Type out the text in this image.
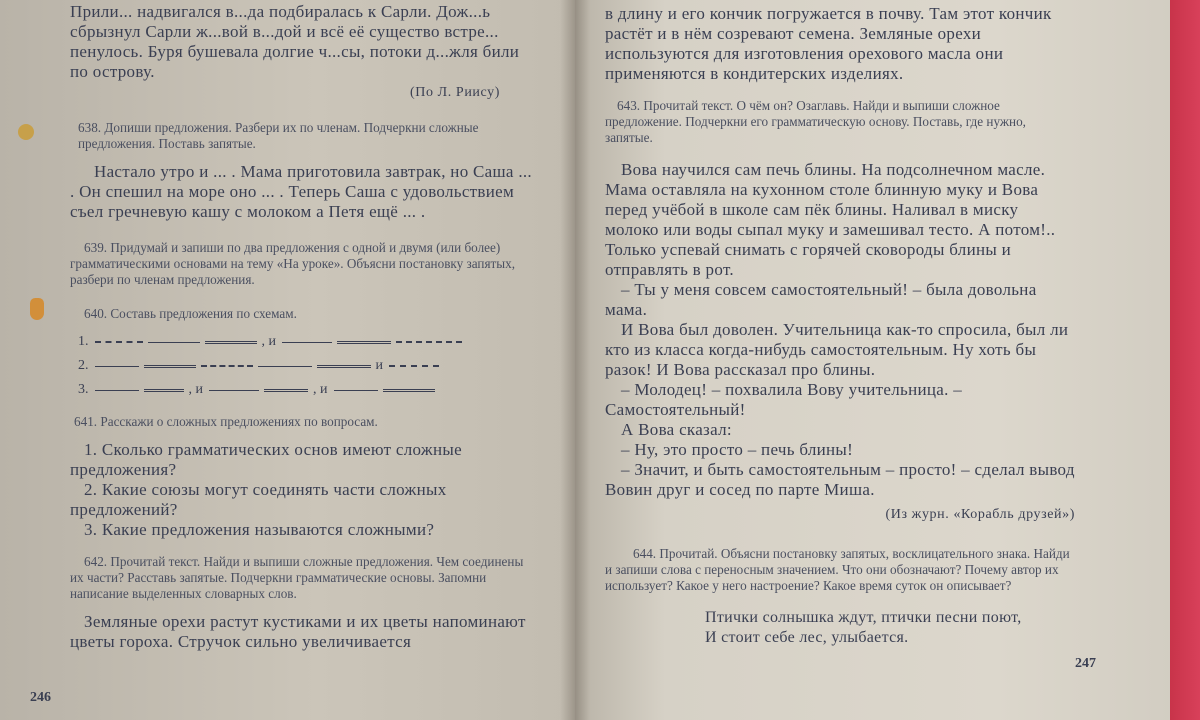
Прили... надвигался в...да подбиралась к Сарли. Дож...ь сбрызнул Сарли ж...вой в...дой и всё её существо встре... пенулось. Буря бушевала долгие ч...сы, потоки д...жля били по острову.

(По Л. Риису)

638. Допиши предложения. Разбери их по членам. Подчеркни сложные предложения. Поставь запятые.

Настало утро и ... . Мама приготовила завтрак, но Саша ... . Он спешил на море оно ... . Теперь Саша с удовольствием съел гречневую кашу с молоком а Петя ещё ... .

639. Придумай и запиши по два предложения с одной и двумя (или более) грамматическими основами на тему «На уроке». Объясни постановку запятых, разбери по членам предложения.

640. Составь предложения по схемам.

1.	, и
2.	и
3.	, и	, и

641. Расскажи о сложных предложениях по вопросам.

1. Сколько грамматических основ имеют сложные предложения?
2. Какие союзы могут соединять части сложных предложений?
3. Какие предложения называются сложными?

642. Прочитай текст. Найди и выпиши сложные предложения. Чем соединены их части? Расставь запятые. Подчеркни грамматические основы. Запомни написание выделенных словарных слов.

Земляные орехи растут кустиками и их цветы напоминают цветы гороха. Стручок сильно увеличивается

246

в длину и его кончик погружается в почву. Там этот кончик растёт и в нём созревают семена. Земляные орехи используются для изготовления орехового масла они применяются в кондитерских изделиях.

643. Прочитай текст. О чём он? Озаглавь. Найди и выпиши сложное предложение. Подчеркни его грамматическую основу. Поставь, где нужно, запятые.

Вова научился сам печь блины. На подсолнечном масле. Мама оставляла на кухонном столе блинную муку и Вова перед учёбой в школе сам пёк блины. Наливал в миску молоко или воды сыпал муку и замешивал тесто. А потом!.. Только успевай снимать с горячей сковороды блины и отправлять в рот.

– Ты у меня совсем самостоятельный! – была довольна мама.

И Вова был доволен. Учительница как-то спросила, был ли кто из класса когда-нибудь самостоятельным. Ну хоть бы разок! И Вова рассказал про блины.

– Молодец! – похвалила Вову учительница. – Самостоятельный!

А Вова сказал:

– Ну, это просто – печь блины!

– Значит, и быть самостоятельным – просто! – сделал вывод Вовин друг и сосед по парте Миша.

(Из журн. «Корабль друзей»)

644. Прочитай. Объясни постановку запятых, восклицательного знака. Найди и запиши слова с переносным значением. Что они обозначают? Почему автор их использует? Какое у него настроение? Какое время суток он описывает?

Птички солнышка ждут, птички песни поют,

И стоит себе лес, улыбается.

247
